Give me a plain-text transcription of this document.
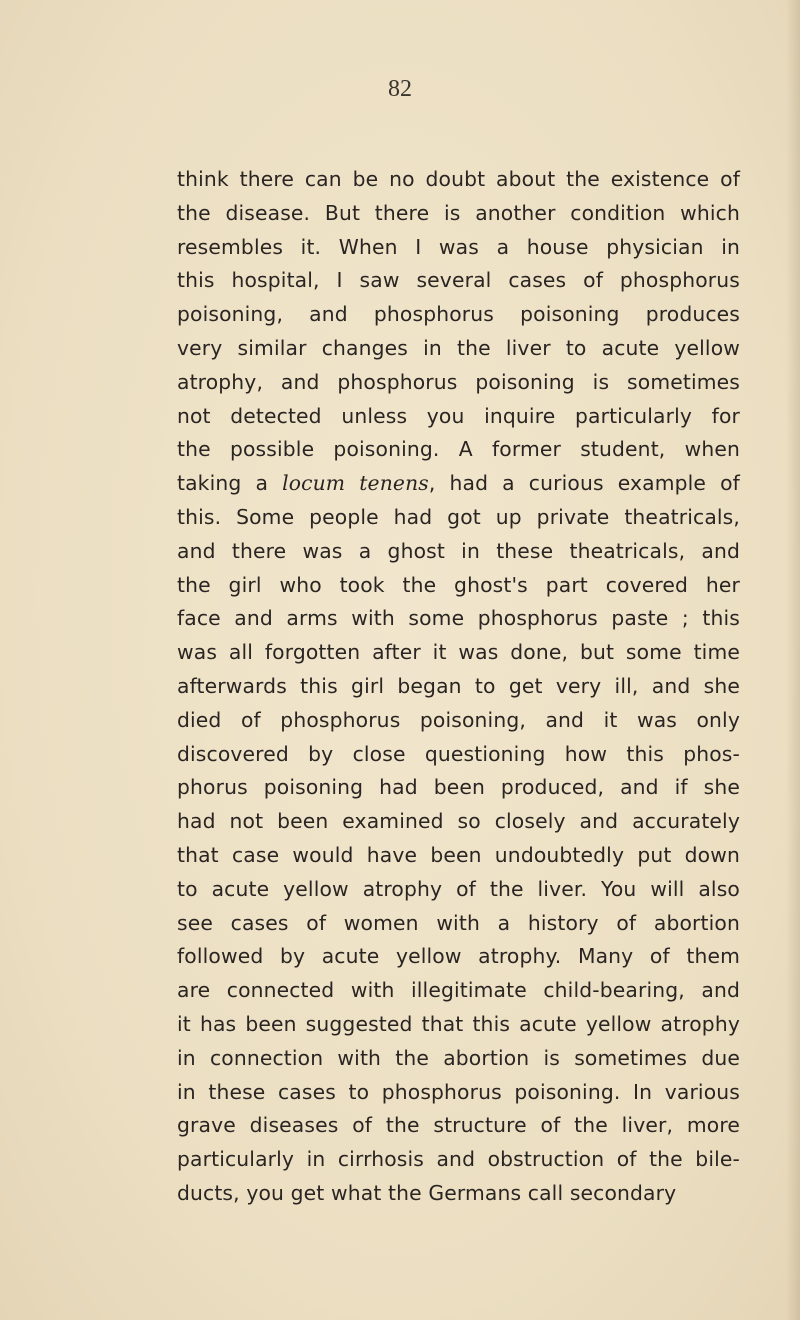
82
think there can be no doubt about the existence of
the disease. But there is another condition which
resembles it. When I was a house physician in
this hospital, I saw several cases of phosphorus
poisoning, and phosphorus poisoning produces
very similar changes in the liver to acute yellow
atrophy, and phosphorus poisoning is sometimes
not detected unless you inquire particularly for
the possible poisoning. A former student, when
taking a locum tenens, had a curious example of
this. Some people had got up private theatricals,
and there was a ghost in these theatricals, and
the girl who took the ghost's part covered her
face and arms with some phosphorus paste ; this
was all forgotten after it was done, but some time
afterwards this girl began to get very ill, and she
died of phosphorus poisoning, and it was only
discovered by close questioning how this phos-
phorus poisoning had been produced, and if she
had not been examined so closely and accurately
that case would have been undoubtedly put down
to acute yellow atrophy of the liver. You will also
see cases of women with a history of abortion
followed by acute yellow atrophy. Many of them
are connected with illegitimate child-bearing, and
it has been suggested that this acute yellow atrophy
in connection with the abortion is sometimes due
in these cases to phosphorus poisoning. In various
grave diseases of the structure of the liver, more
particularly in cirrhosis and obstruction of the bile-
ducts, you get what the Germans call secondary
